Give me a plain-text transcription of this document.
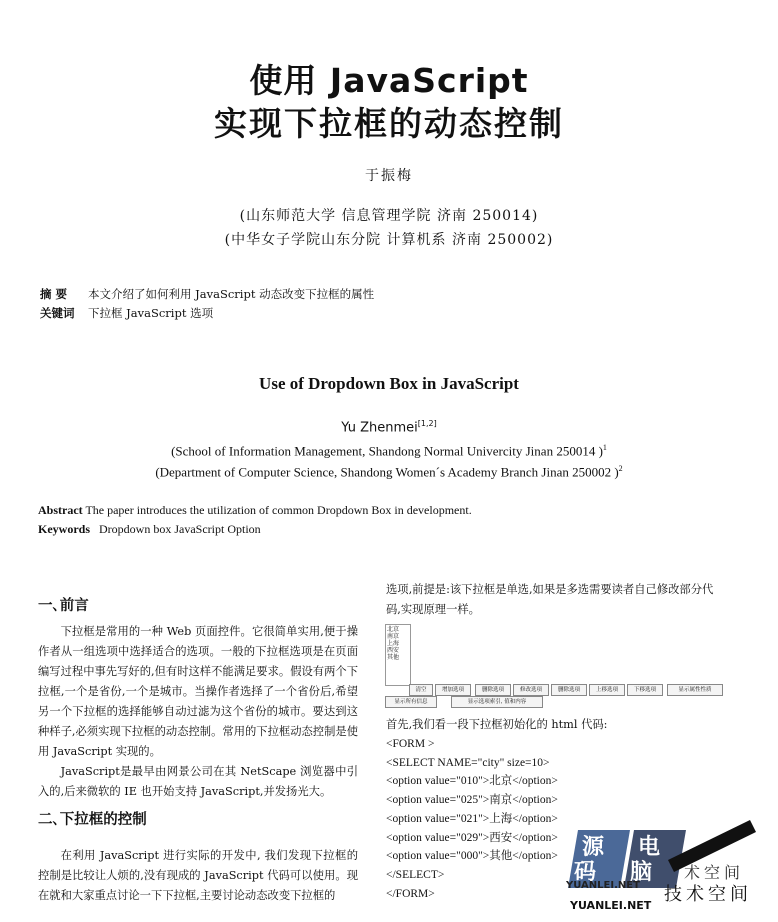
使用 JavaScript
实现下拉框的动态控制
于振梅
(山东师范大学 信息管理学院 济南 250014)
(中华女子学院山东分院 计算机系 济南 250002)
摘 要 本文介绍了如何利用 JavaScript 动态改变下拉框的属性
关键词 下拉框 JavaScript 选项
Use of Dropdown Box in JavaScript
Yu Zhenmei[1,2]
(School of Information Management, Shandong Normal Univercity Jinan 250014 )$^1$
(Department of Computer Science, Shandong Women´s Academy Branch Jinan 250002 )$^2$
Abstract The paper introduces the utilization of common Dropdown Box in development.
Keywords Dropdown box JavaScript Option
一､前言

下拉框是常用的一种 Web 页面控件。它很简单实用,便于操作者从一组选项中选择适合的选项。一般的下拉框选项是在页面编写过程中事先写好的,但有时这样不能满足要求。假设有两个下拉框,一个是省份,一个是城市。当操作者选择了一个省份后,希望另一个下拉框的选择能够自动过滤为这个省份的城市。要达到这种样子,必须实现下拉框的动态控制。常用的下拉框动态控制是使用 JavaScript 实现的。

JavaScript是最早由网景公司在其 NetScape 浏览器中引入的,后来微软的 IE 也开始支持 JavaScript,并发扬光大。

二､下拉框的控制

在利用 JavaScript 进行实际的开发中, 我们发现下拉框的控制是比较让人烦的,没有现成的 JavaScript 代码可以使用。现在就和大家重点讨论一下下拉框,主要讨论动态改变下拉框的

选项,前提是:该下拉框是单选,如果是多选需要读者自己修改部分代码,实现原理一样。
北京
南京
上海
西安
其他
清空	增加选项	删除选项	修改选项	删除选项	上移选项	下移选项	显示属性性质
显示所有信息	显示选项索引, 值和内容
首先,我们看一段下拉框初始化的 html 代码:
<FORM >
<SELECT NAME="city" size=10>
<option value="010">北京</option>
<option value="025">南京</option>
<option value="021">上海</option>
<option value="029">西安</option>
<option value="000">其他</option>
</SELECT>
</FORM>
源
码
电
脑
YUANLEI.NET
YUANLEI.NET
术空间
技术空间
